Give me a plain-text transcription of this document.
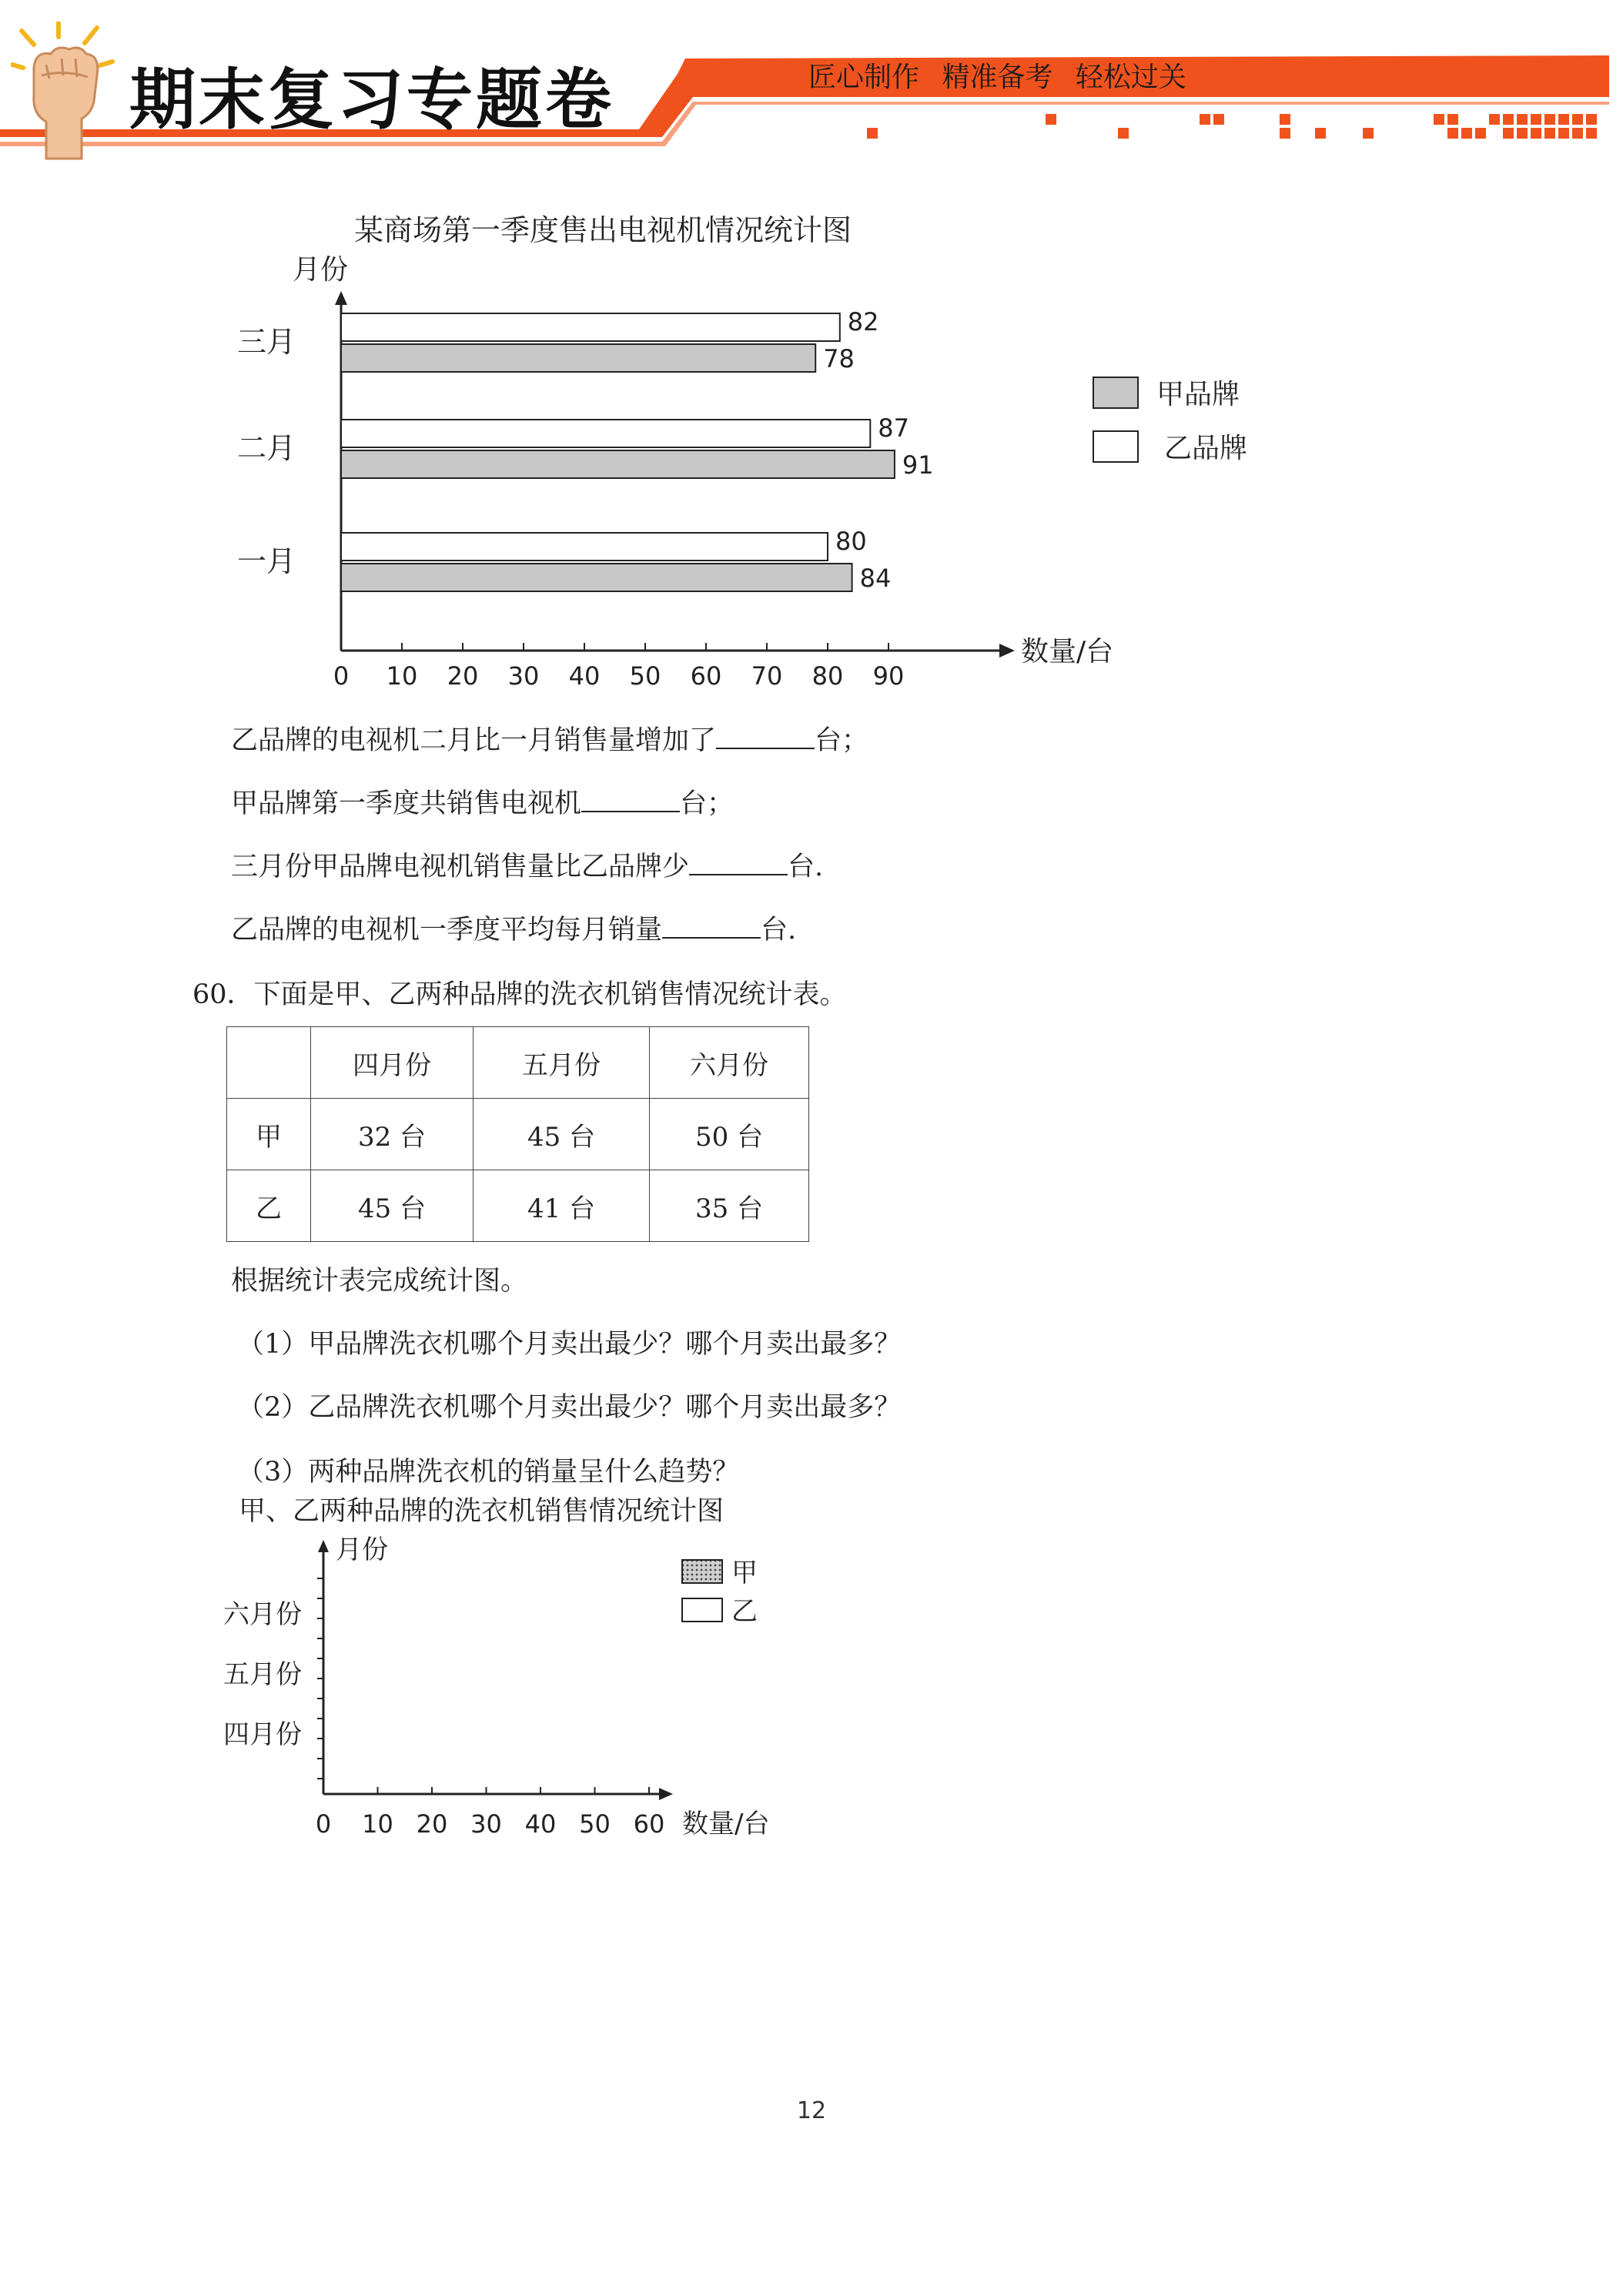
期末复习专题卷	匠心制作 精准备考 轻松过关
某商场第一季度售出电视机情况统计图
月份
数量/台
0 10 20 30 40 50 60 70 80 90
一月
80
84
二月
87
91
三月
82
78
甲品牌
乙品牌
乙品牌的电视机二月比一月销售量增加了	台；
甲品牌第一季度共销售电视机	台；
三月份甲品牌电视机销售量比乙品牌少	台.
乙品牌的电视机一季度平均每月销量	台.
60．下面是甲、乙两种品牌的洗衣机销售情况统计表。
	四月份	五月份	六月份
甲	32 台	45 台	50 台
乙	45 台	41 台	35 台
根据统计表完成统计图。
（1）甲品牌洗衣机哪个月卖出最少？哪个月卖出最多？
（2）乙品牌洗衣机哪个月卖出最少？哪个月卖出最多？
（3）两种品牌洗衣机的销量呈什么趋势？
甲、乙两种品牌的洗衣机销售情况统计图
月份
数量/台
0 10 20 30 40 50 60
四月份
五月份
六月份
甲
乙
12
